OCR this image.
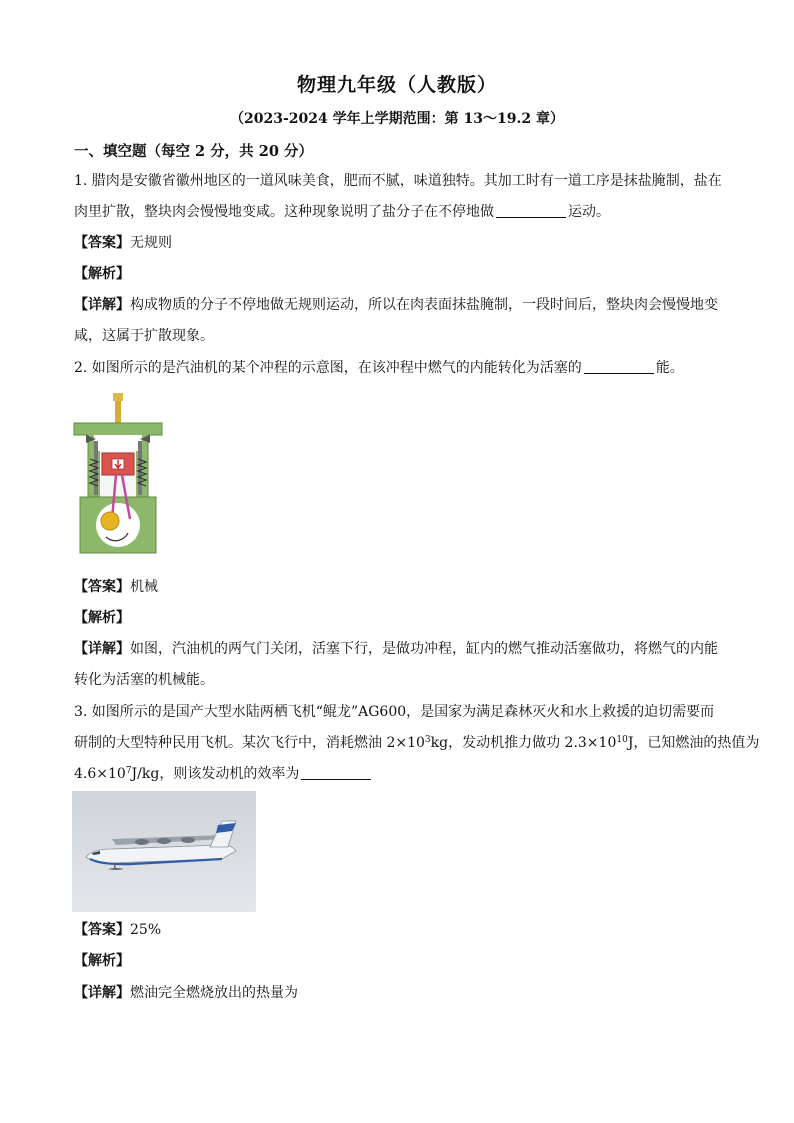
物理九年级（人教版）
（2023-2024 学年上学期范围：第 13～19.2 章）
一、填空题（每空 2 分，共 20 分）
1. 腊肉是安徽省徽州地区的一道风味美食，肥而不腻，味道独特。其加工时有一道工序是抹盐腌制，盐在
肉里扩散，整块肉会慢慢地变咸。这种现象说明了盐分子在不停地做	运动。
【答案】无规则
【解析】
【详解】构成物质的分子不停地做无规则运动，所以在肉表面抹盐腌制，一段时间后，整块肉会慢慢地变
咸，这属于扩散现象。
2. 如图所示的是汽油机的某个冲程的示意图，在该冲程中燃气的内能转化为活塞的	能。
【答案】机械
【解析】
【详解】如图，汽油机的两气门关闭，活塞下行，是做功冲程，缸内的燃气推动活塞做功，将燃气的内能
转化为活塞的机械能。
3. 如图所示的是国产大型水陆两栖飞机“鲲龙”AG600，是国家为满足森林灭火和水上救援的迫切需要而
研制的大型特种民用飞机。某次飞行中，消耗燃油 $2\times 10^3kg$，发动机推力做功 $2.3\times 10^{10}J$，已知燃油的热值为
$4.6\times 10^7J/kg$，则该发动机的效率为
【答案】25%
【解析】
【详解】燃油完全燃烧放出的热量为
